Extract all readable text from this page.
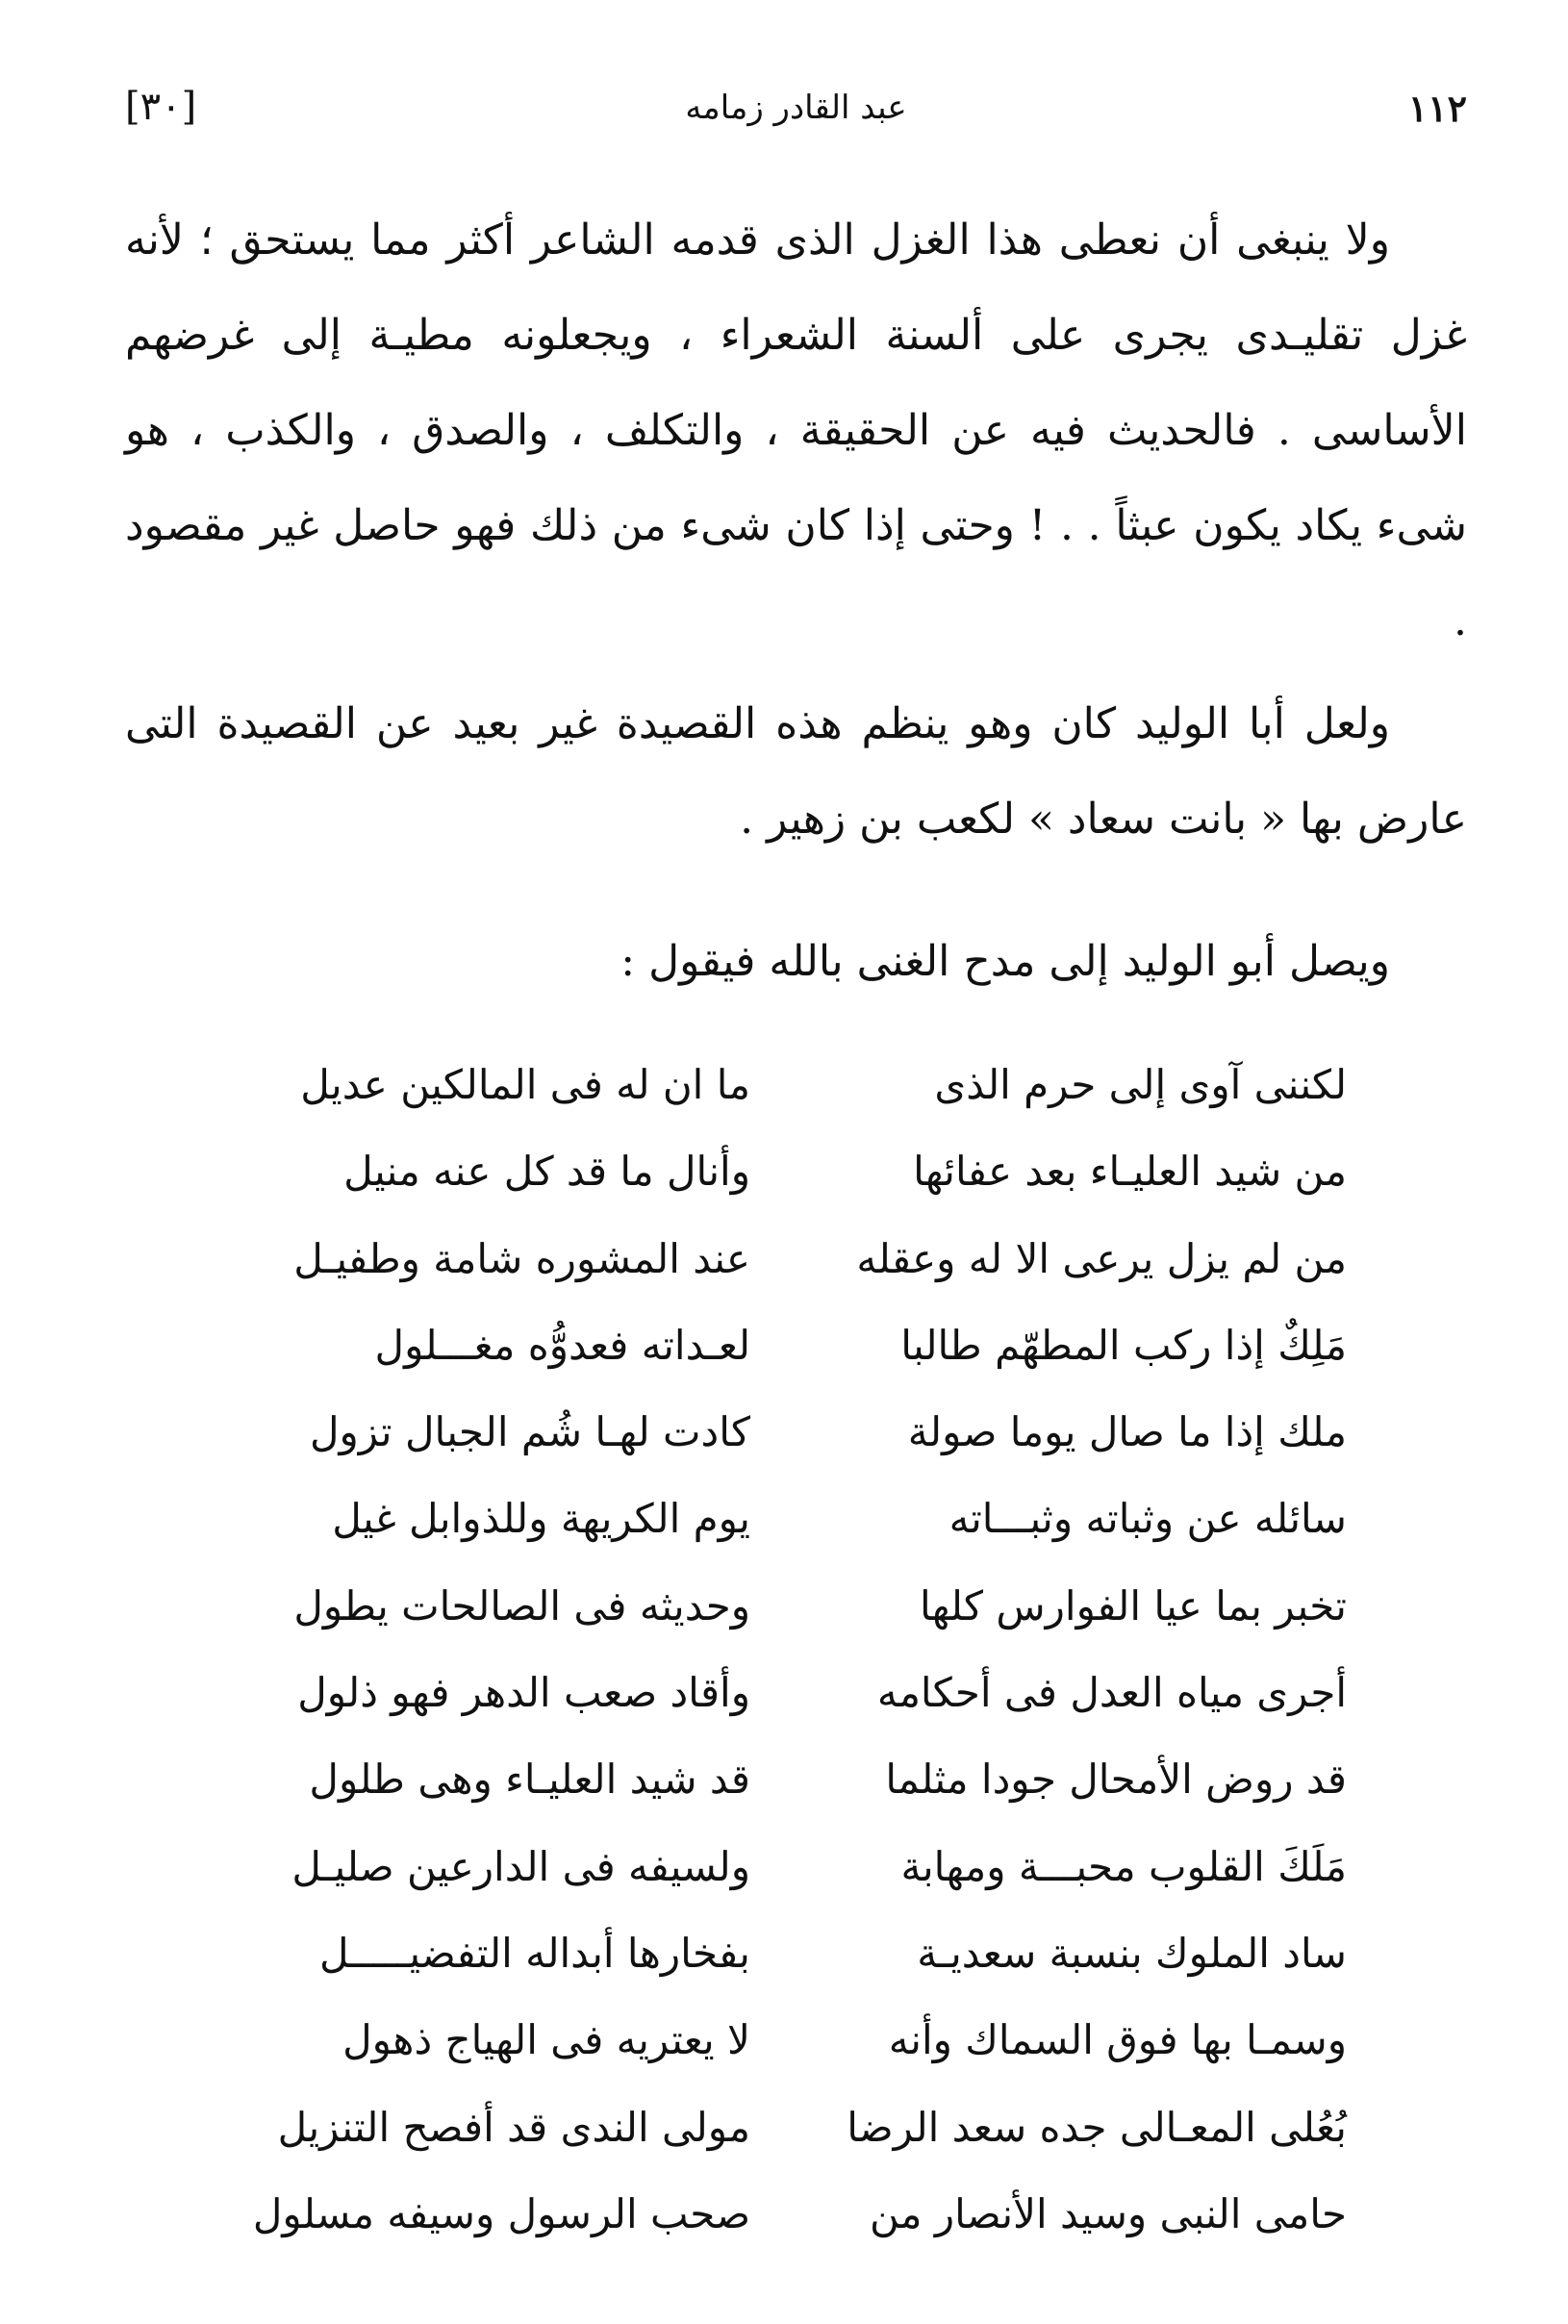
[٣٠]	عبد القادر زمامه	١١٢

ولا ينبغى أن نعطى هذا الغزل الذى قدمه الشاعر أكثر مما يستحق ؛ لأنه غزل تقليـدى يجرى على ألسنة الشعراء ، ويجعلونه مطيـة إلى غرضهم الأساسى . فالحديث فيه عن الحقيقة ، والتكلف ، والصدق ، والكذب ، هو شىء يكاد يكون عبثاً . . ! وحتى إذا كان شىء من ذلك فهو حاصل غير مقصود .

ولعل أبا الوليد كان وهو ينظم هذه القصيدة غير بعيد عن القصيدة التى عارض بها « بانت سعاد » لكعب بن زهير .

ويصل أبو الوليد إلى مدح الغنى بالله فيقول :

لكننى آوى إلى حرم الذى
ما ان له فى المالكين عديل
من شيد العليـاء بعد عفائها
وأنال ما قد كل عنه منيل
من لم يزل يرعى الا له وعقله
عند المشوره شامة وطفيـل
مَلِكٌ إذا ركب المطهّم طالبا
لعـداته فعدوُّه مغـــلول
ملك إذا ما صال يوما صولة
كادت لهـا شُم الجبال تزول
سائله عن وثباته وثبـــاته
يوم الكريهة وللذوابل غيل
تخبر بما عيا الفوارس كلها
وحديثه فى الصالحات يطول
أجرى مياه العدل فى أحكامه
وأقاد صعب الدهر فهو ذلول
قد روض الأمحال جودا مثلما
قد شيد العليـاء وهى طلول
مَلَكَ القلوب محبـــة ومهابة
ولسيفه فى الدارعين صليـل
ساد الملوك بنسبة سعديـة
بفخارها أبداله التفضيـــــل
وسمـا بها فوق السماك وأنه
لا يعتريه فى الهياج ذهول
بُعُلى المعـالى جده سعد الرضا
مولى الندى قد أفصح التنزيل
حامى النبى وسيد الأنصار من
صحب الرسول وسيفه مسلول
